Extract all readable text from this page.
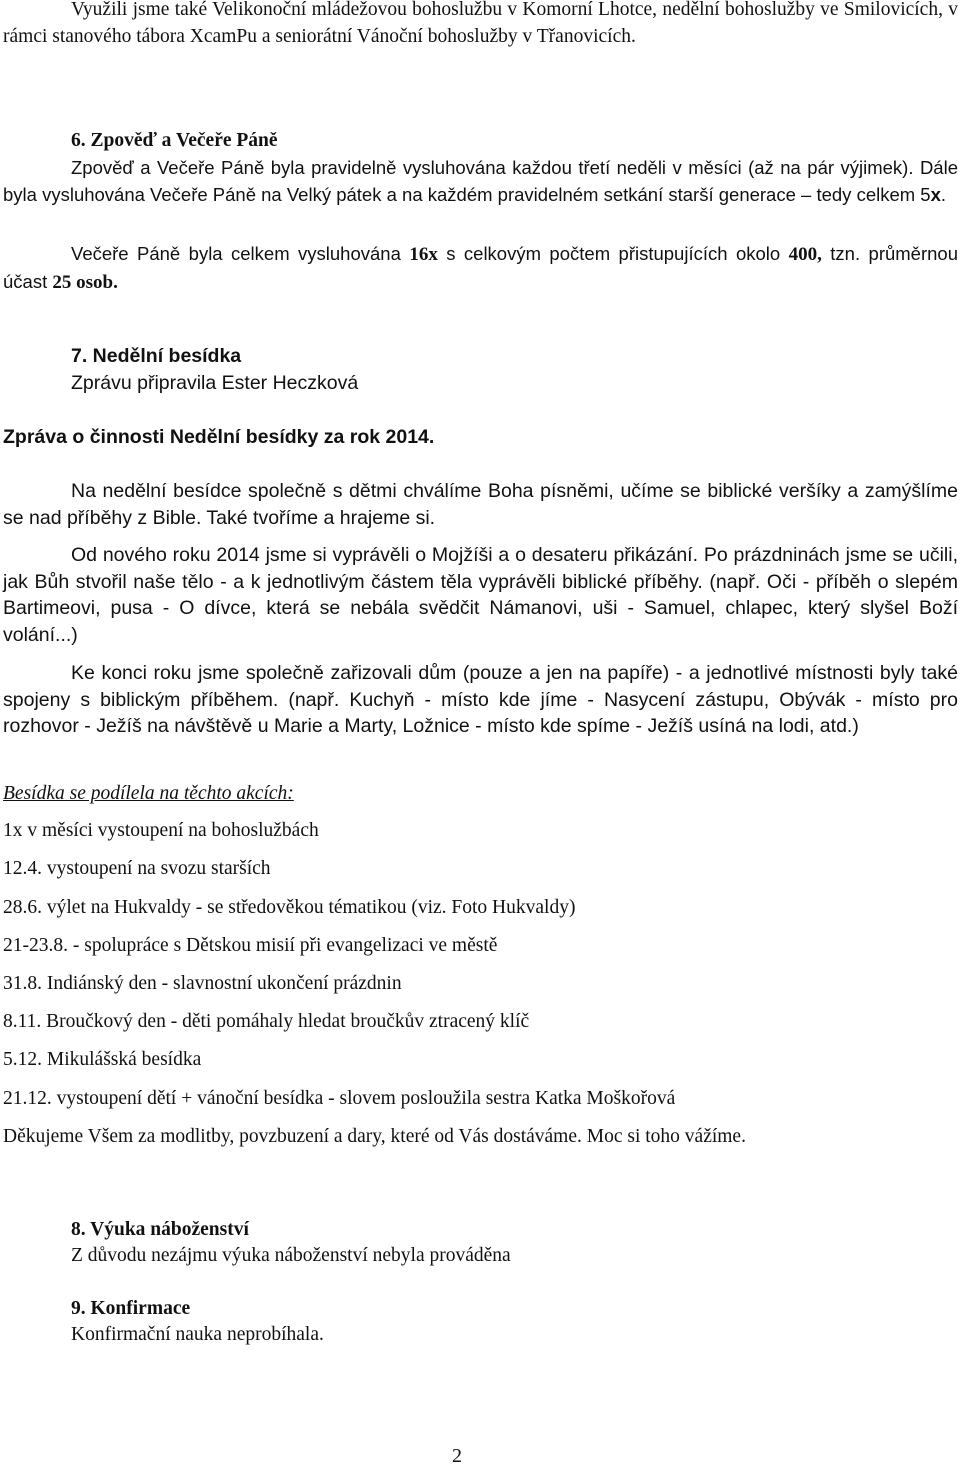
Využili jsme také Velikonoční mládežovou bohoslužbu v Komorní Lhotce, nedělní bohoslužby ve Smilovicích, v rámci stanového tábora XcamPu a seniorátní Vánoční bohoslužby v Třanovicích.

6. Zpověď a Večeře Páně

Zpověď a Večeře Páně byla pravidelně vysluhována každou třetí neděli v měsíci (až na pár výjimek). Dále byla vysluhována Večeře Páně na Velký pátek a na každém pravidelném setkání starší generace – tedy celkem 5x.

Večeře Páně byla celkem vysluhována 16x s celkovým počtem přistupujících okolo 400, tzn. průměrnou účast 25 osob.

7. Nedělní besídka
Zprávu připravila Ester Heczková
Zpráva o činnosti Nedělní besídky za rok 2014.

Na nedělní besídce společně s dětmi chválíme Boha písněmi, učíme se biblické veršíky a zamýšlíme se nad příběhy z Bible. Také tvoříme a hrajeme si.

Od nového roku 2014 jsme si vyprávěli o Mojžíši a o desateru přikázání. Po prázdninách jsme se učili, jak Bůh stvořil naše tělo - a k jednotlivým částem těla vyprávěli biblické příběhy. (např. Oči - příběh o slepém Bartimeovi, pusa - O dívce, která se nebála svědčit Námanovi, uši - Samuel, chlapec, který slyšel Boží volání...)

Ke konci roku jsme společně zařizovali dům (pouze a jen na papíře) - a jednotlivé místnosti byly také spojeny s biblickým příběhem. (např. Kuchyň - místo kde jíme - Nasycení zástupu, Obývák - místo pro rozhovor - Ježíš na návštěvě u Marie a Marty, Ložnice - místo kde spíme - Ježíš usíná na lodi, atd.)

Besídka se podílela na těchto akcích:
1x v měsíci vystoupení na bohoslužbách
12.4. vystoupení na svozu starších
28.6. výlet na Hukvaldy - se středověkou tématikou (viz. Foto Hukvaldy)
21-23.8. - spolupráce s Dětskou misií při evangelizaci ve městě
31.8. Indiánský den - slavnostní ukončení prázdnin
8.11. Broučkový den - děti pomáhaly hledat broučkův ztracený klíč
5.12. Mikulášská besídka
21.12. vystoupení dětí + vánoční besídka - slovem posloužila sestra Katka Moškořová
Děkujeme Všem za modlitby, povzbuzení a dary, které od Vás dostáváme. Moc si toho vážíme.
8. Výuka náboženství
Z důvodu nezájmu výuka náboženství nebyla prováděna
9. Konfirmace
Konfirmační nauka neprobíhala.
2
